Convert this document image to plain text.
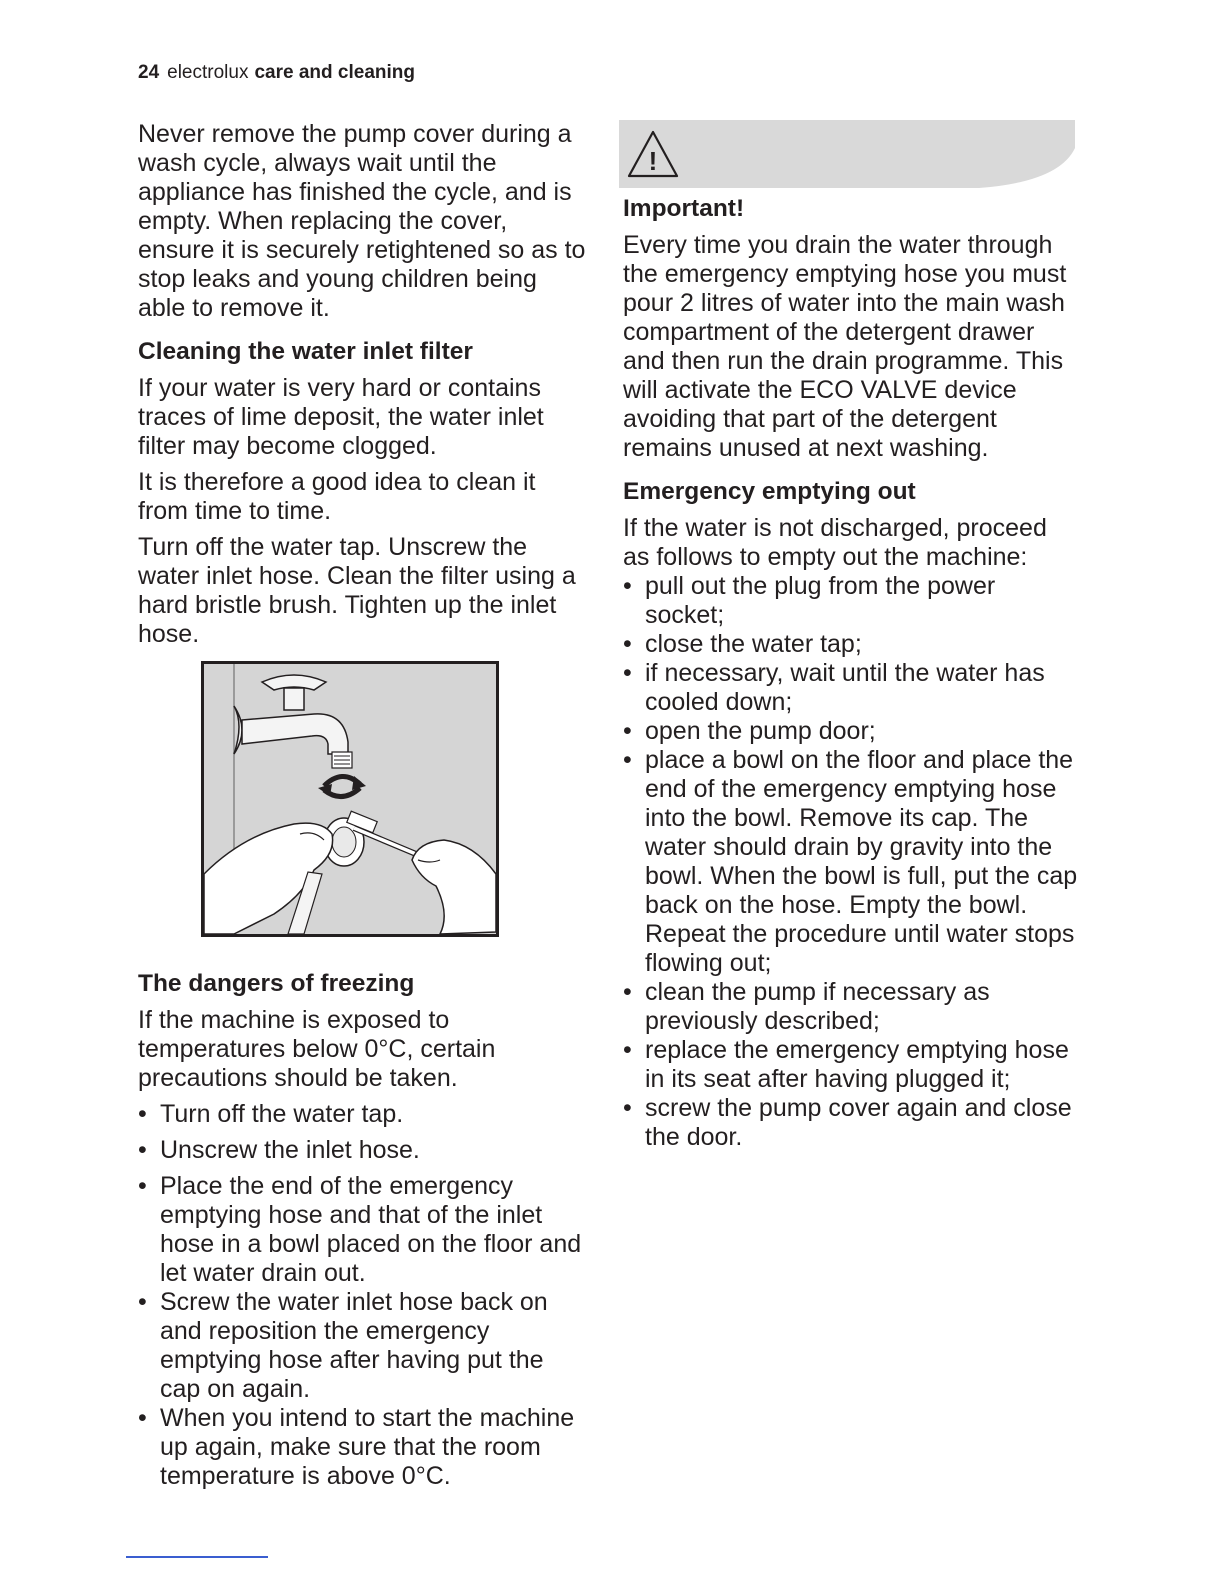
24 electrolux care and cleaning

Never remove the pump cover during a wash cycle, always wait until the appliance has finished the cycle, and is empty. When replacing the cover, ensure it is securely retightened so as to stop leaks and young children being able to remove it.

Cleaning the water inlet filter

If your water is very hard or contains traces of lime deposit, the water inlet filter may become clogged.

It is therefore a good idea to clean it from time to time.

Turn off the water tap. Unscrew the water inlet hose. Clean the filter using a hard bristle brush. Tighten up the inlet hose.

The dangers of freezing

If the machine is exposed to temperatures below 0°C, certain precautions should be taken.

• Turn off the water tap.
• Unscrew the inlet hose.
• Place the end of the emergency emptying hose and that of the inlet hose in a bowl placed on the floor and let water drain out.
• Screw the water inlet hose back on and reposition the emergency emptying hose after having put the cap on again.
• When you intend to start the machine up again, make sure that the room temperature is above 0°C.
!
Important!

Every time you drain the water through the emergency emptying hose you must pour 2 litres of water into the main wash compartment of the detergent drawer and then run the drain programme. This will activate the ECO VALVE device avoiding that part of the detergent remains unused at next washing.

Emergency emptying out

If the water is not discharged, proceed as follows to empty out the machine:

• pull out the plug from the power socket;
• close the water tap;
• if necessary, wait until the water has cooled down;
• open the pump door;
• place a bowl on the floor and place the end of the emergency emptying hose into the bowl. Remove its cap. The water should drain by gravity into the bowl. When the bowl is full, put the cap back on the hose. Empty the bowl. Repeat the procedure until water stops flowing out;
• clean the pump if necessary as previously described;
• replace the emergency emptying hose in its seat after having plugged it;
• screw the pump cover again and close the door.
